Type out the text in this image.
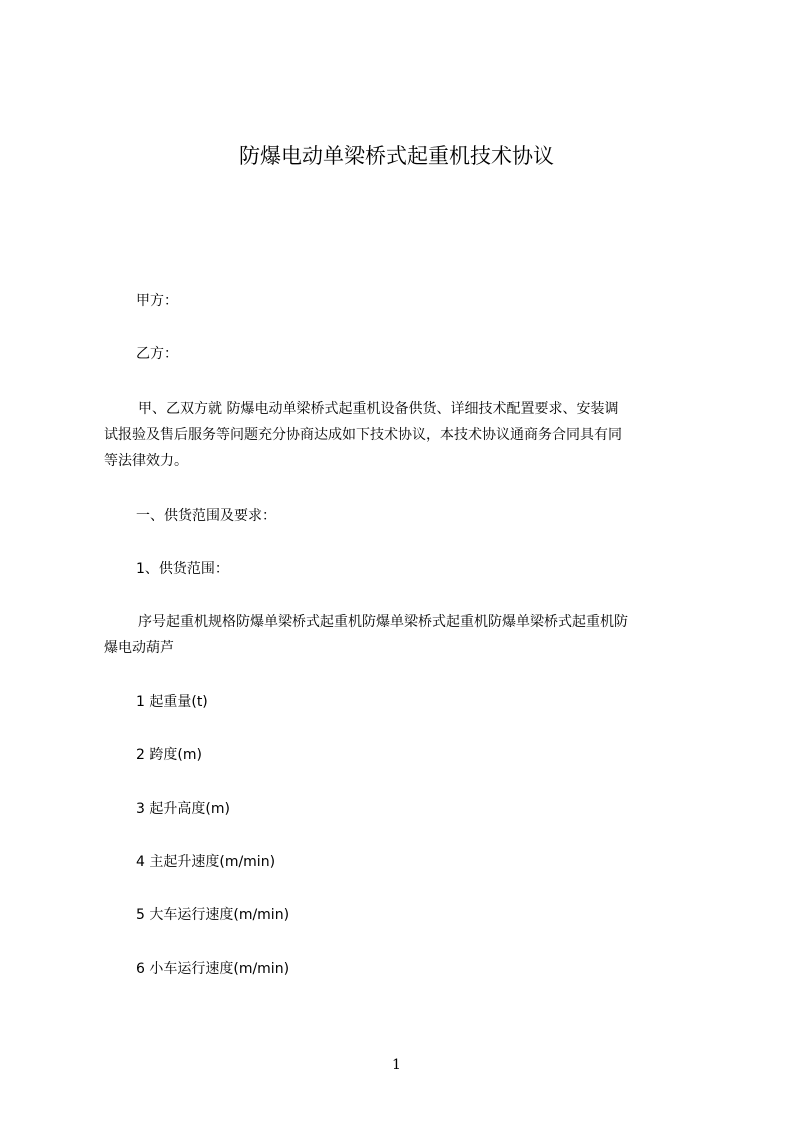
防爆电动单梁桥式起重机技术协议
甲方：
乙方：
甲、乙双方就 防爆电动单梁桥式起重机设备供货、详细技术配置要求、安装调
试报验及售后服务等问题充分协商达成如下技术协议，本技术协议通商务合同具有同
等法律效力。
一、供货范围及要求：
1、供货范围：
序号起重机规格防爆单梁桥式起重机防爆单梁桥式起重机防爆单梁桥式起重机防
爆电动葫芦
1 起重量(t)
2 跨度(m)
3 起升高度(m)
4 主起升速度(m/min)
5 大车运行速度(m/min)
6 小车运行速度(m/min)
1
